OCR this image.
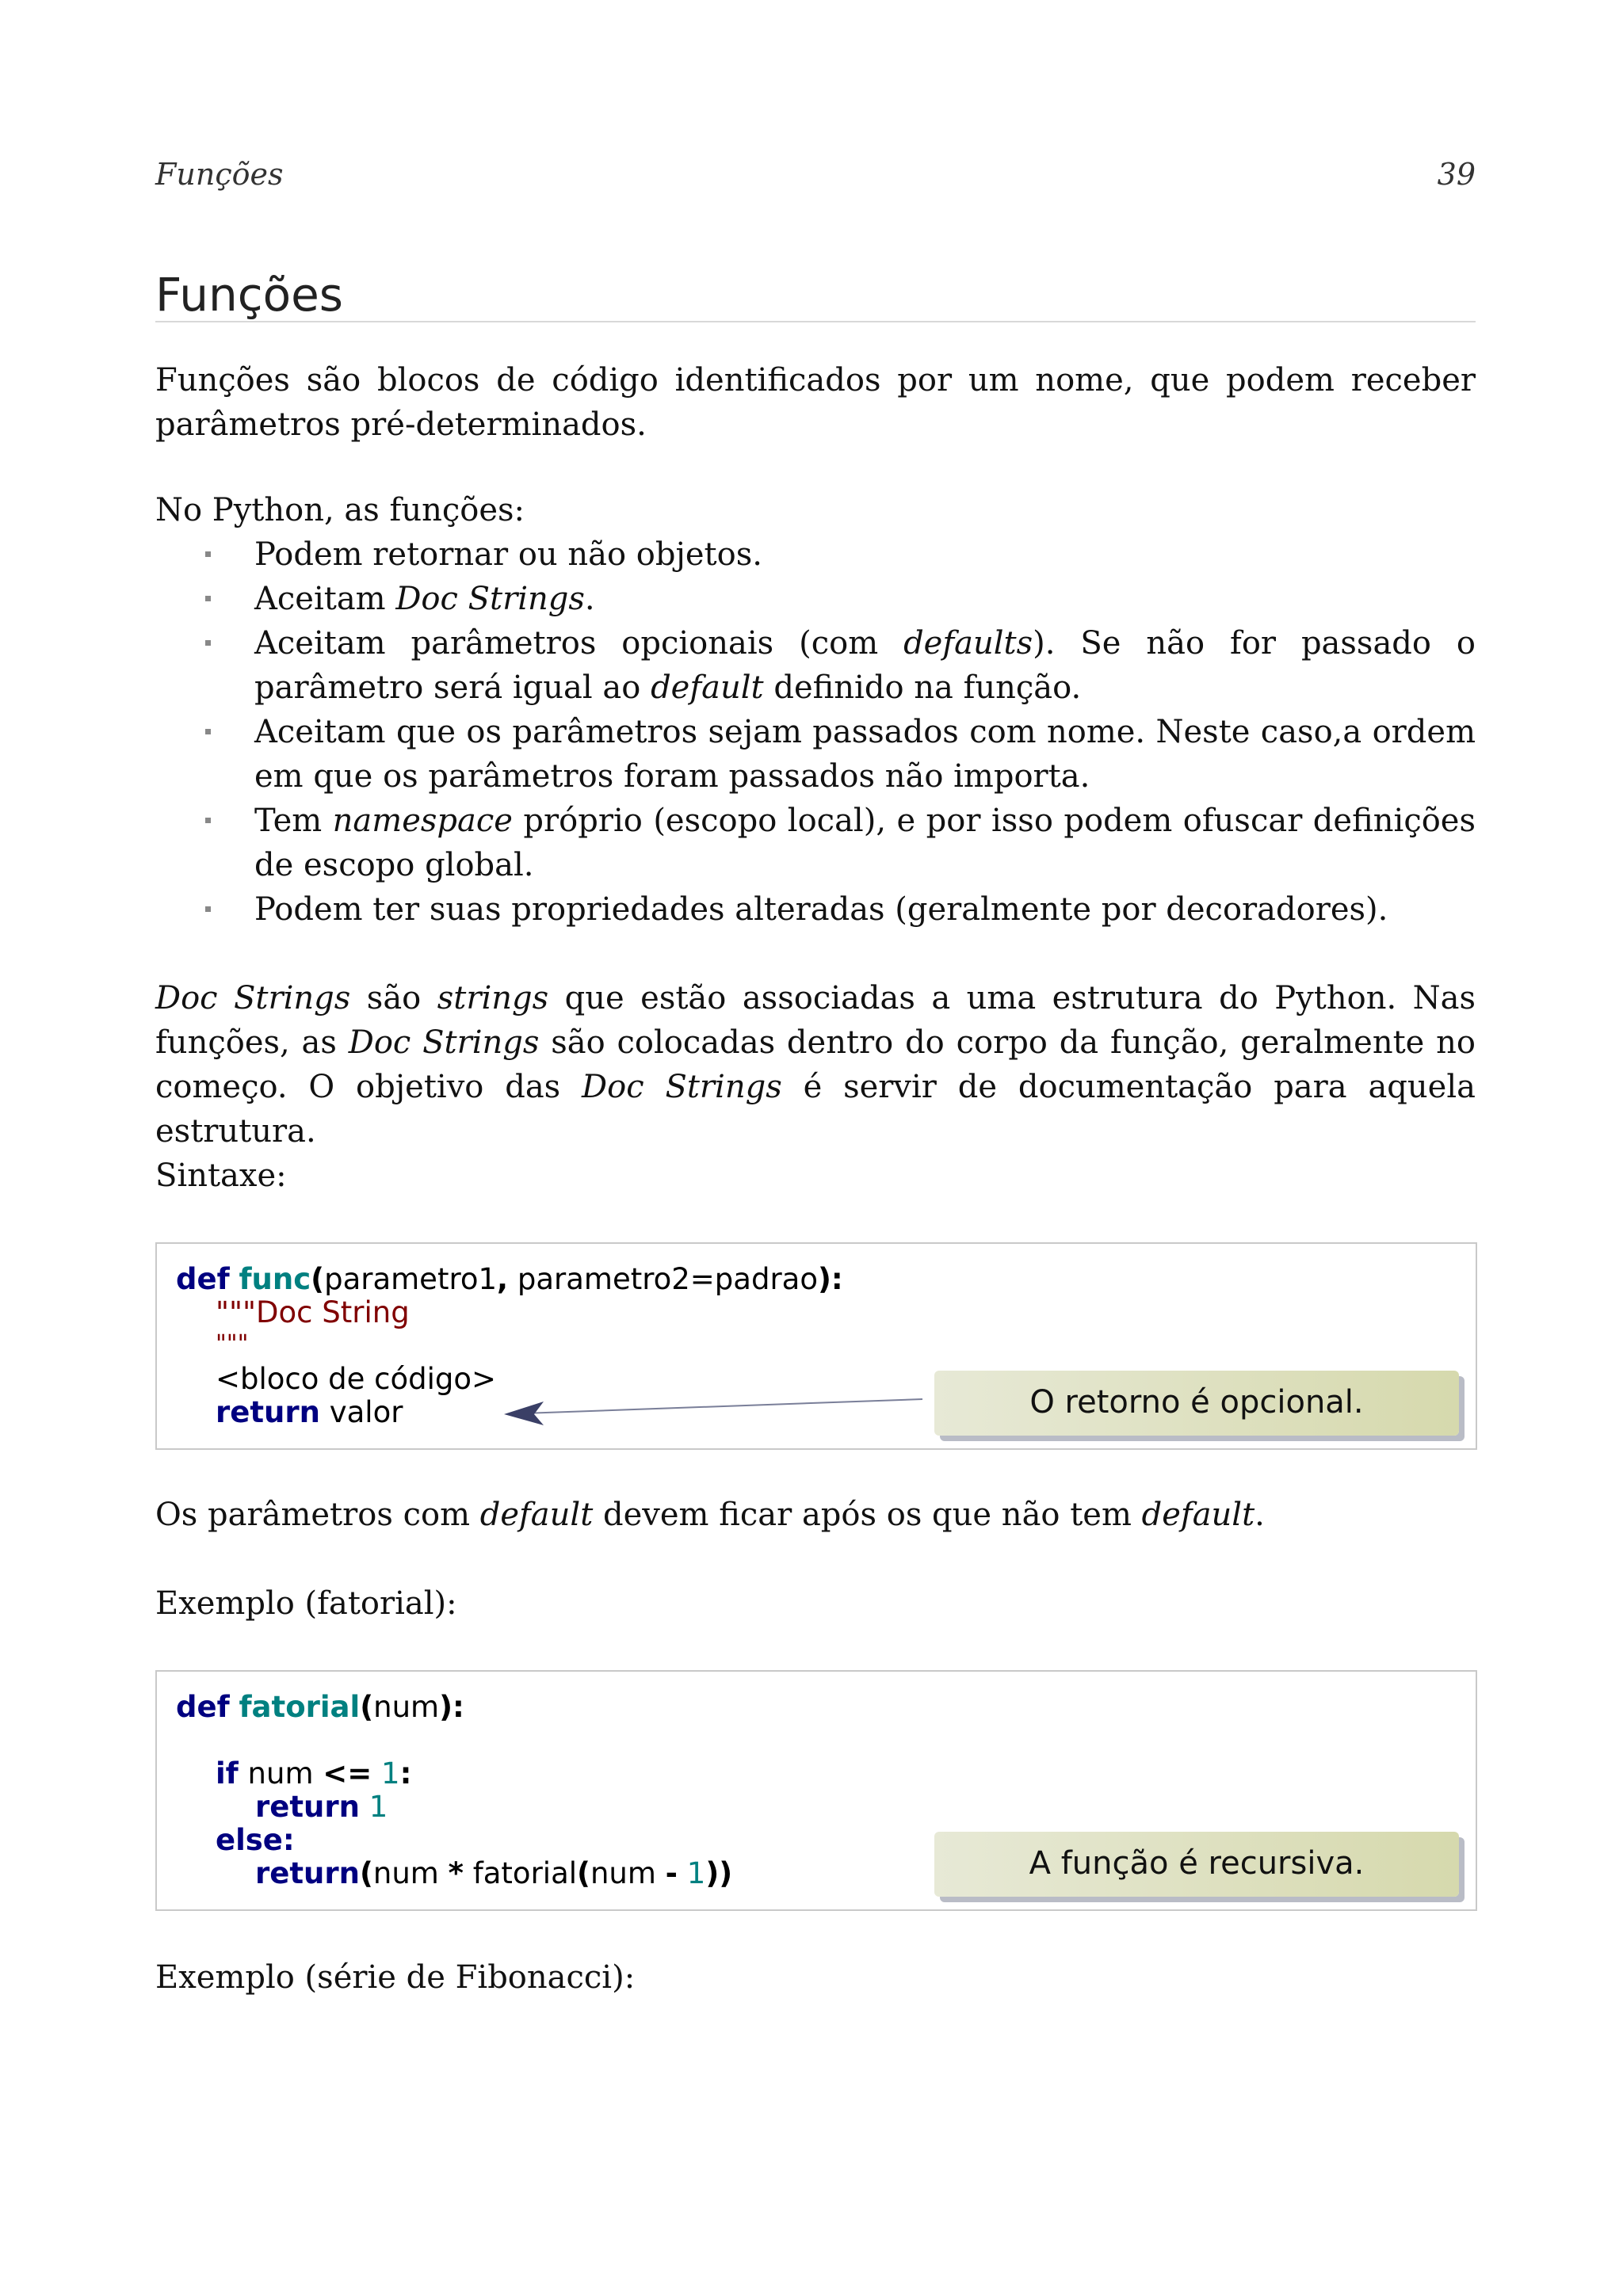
Funções	39
Funções

Funções são blocos de código identificados por um nome, que podem receber parâmetros pré-determinados.

No Python, as funções:

Podem retornar ou não objetos.
Aceitam Doc Strings.
Aceitam parâmetros opcionais (com defaults). Se não for passado o parâmetro será igual ao default definido na função.
Aceitam que os parâmetros sejam passados com nome. Neste caso,a ordem em que os parâmetros foram passados não importa.
Tem namespace próprio (escopo local), e por isso podem ofuscar definições de escopo global.
Podem ter suas propriedades alteradas (geralmente por decoradores).

Doc Strings são strings que estão associadas a uma estrutura do Python. Nas funções, as Doc Strings são colocadas dentro do corpo da função, geralmente no começo. O objetivo das Doc Strings é servir de documentação para aquela estrutura.

Sintaxe:

def func(parametro1, parametro2=padrao):
"""Doc String
"""
<bloco de código>
return valor	O retorno é opcional.

Os parâmetros com default devem ficar após os que não tem default.

Exemplo (fatorial):

def fatorial(num):
if num <= 1:
return 1
else:
return(num * fatorial(num - 1))	A função é recursiva.

Exemplo (série de Fibonacci):
